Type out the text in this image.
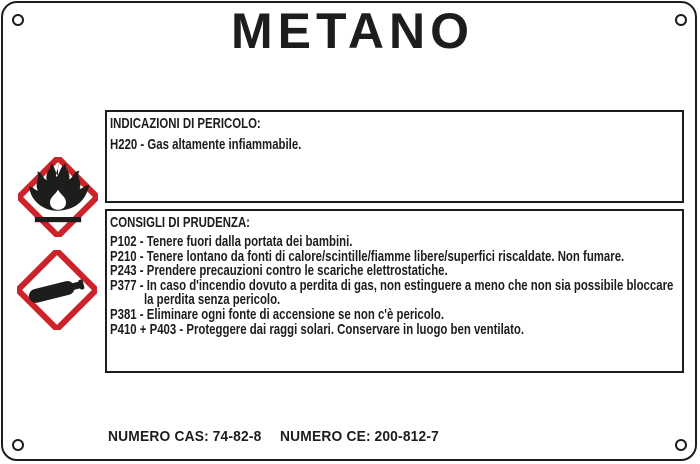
METANO
INDICAZIONI DI PERICOLO:
H220 - Gas altamente infiammabile.
CONSIGLI DI PRUDENZA:
P102 - Tenere fuori dalla portata dei bambini.
P210 - Tenere lontano da fonti di calore/scintille/fiamme libere/superfici riscaldate. Non fumare.
P243 - Prendere precauzioni contro le scariche elettrostatiche.
P377 - In caso d'incendio dovuto a perdita di gas, non estinguere a meno che non sia possibile bloccare
la perdita senza pericolo.
P381 - Eliminare ogni fonte di accensione se non c'è pericolo.
P410 + P403 - Proteggere dai raggi solari. Conservare in luogo ben ventilato.
NUMERO CAS: 74-82-8 NUMERO CE: 200-812-7
